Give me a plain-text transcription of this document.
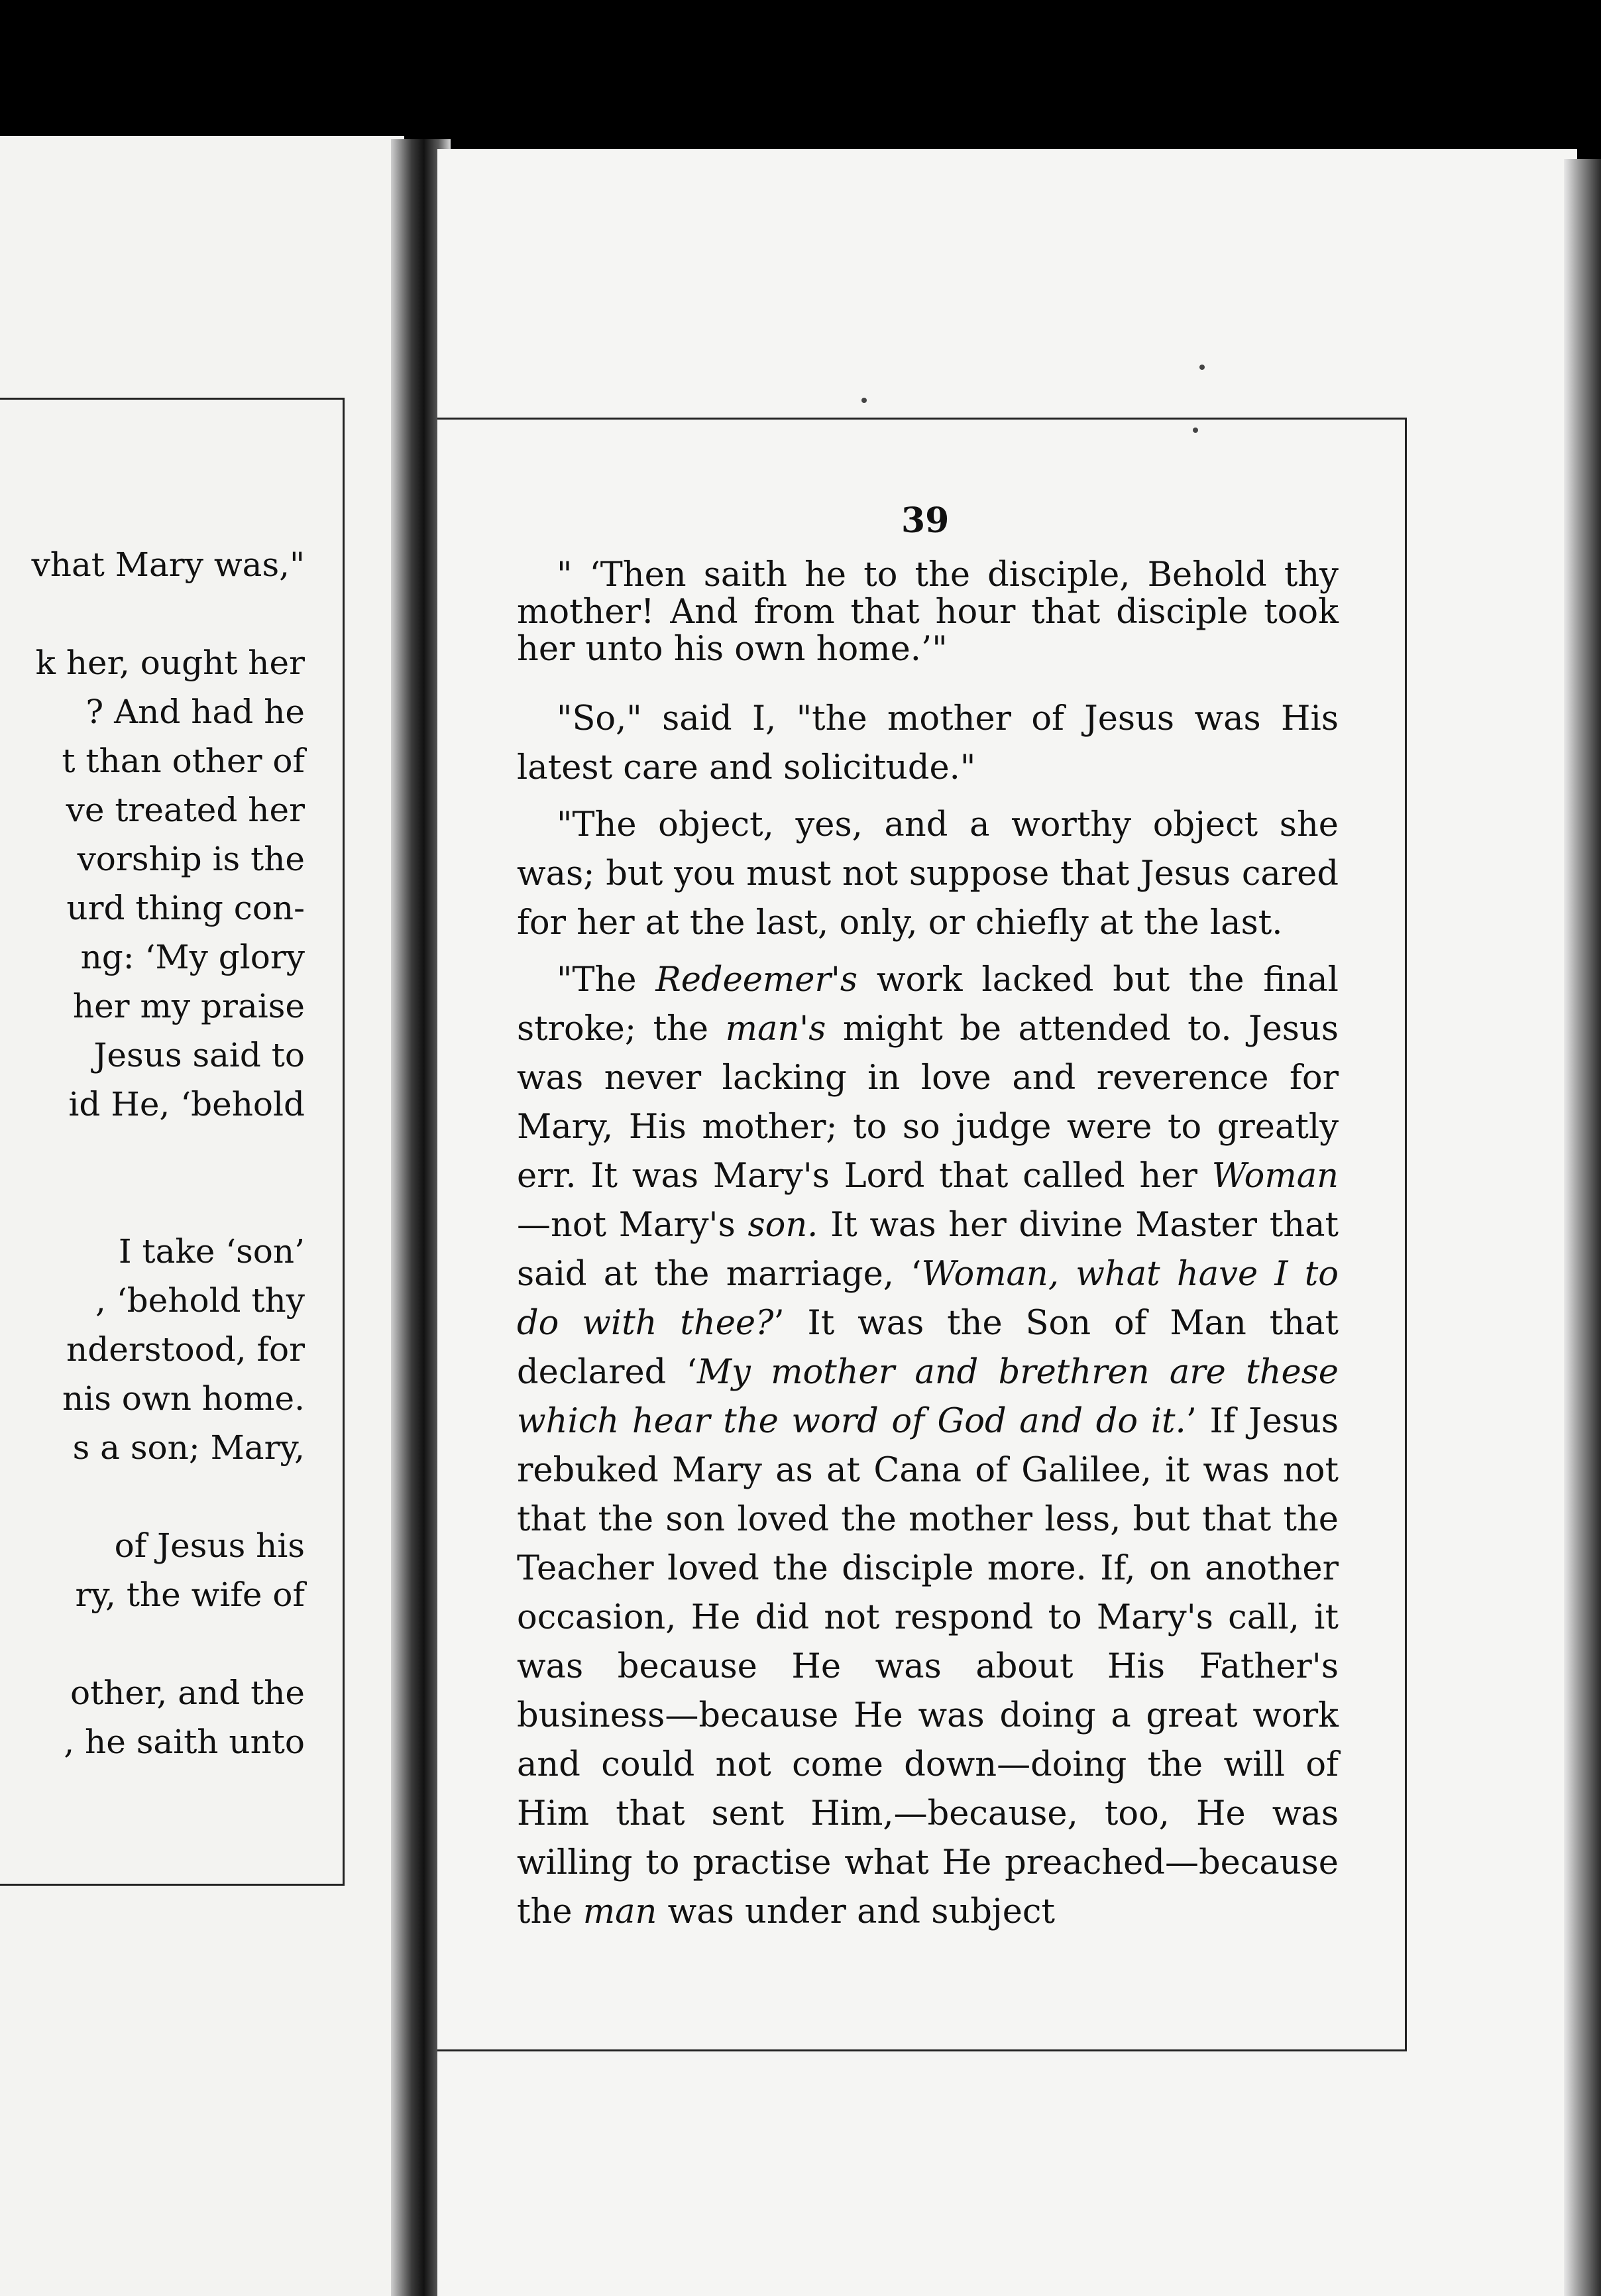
vhat Mary was,"
k her, ought her
? And had he
t than other of
ve treated her
vorship is the
urd thing con-
ng: ‘My glory
her my praise
Jesus said to
id He, ‘behold
I take ‘son’
, ‘behold thy
nderstood, for
nis own home.
s a son; Mary,
of Jesus his
ry, the wife of
other, and the
, he saith unto
39

" ‘Then saith he to the disciple, Behold thy mother! And from that hour that disciple took her unto his own home.’"

"So," said I, "the mother of Jesus was His latest care and solicitude."

"The object, yes, and a worthy object she was; but you must not suppose that Jesus cared for her at the last, only, or chiefly at the last.

"The Redeemer's work lacked but the final stroke; the man's might be attended to. Jesus was never lacking in love and reverence for Mary, His mother; to so judge were to greatly err. It was Mary's Lord that called her Woman—not Mary's son. It was her divine Master that said at the marriage, ‘Woman, what have I to do with thee?’ It was the Son of Man that declared ‘My mother and brethren are these which hear the word of God and do it.’ If Jesus rebuked Mary as at Cana of Galilee, it was not that the son loved the mother less, but that the Teacher loved the disciple more. If, on another occasion, He did not respond to Mary's call, it was because He was about His Father's business—because He was doing a great work and could not come down—doing the will of Him that sent Him,—because, too, He was willing to practise what He preached—because the man was under and subject
